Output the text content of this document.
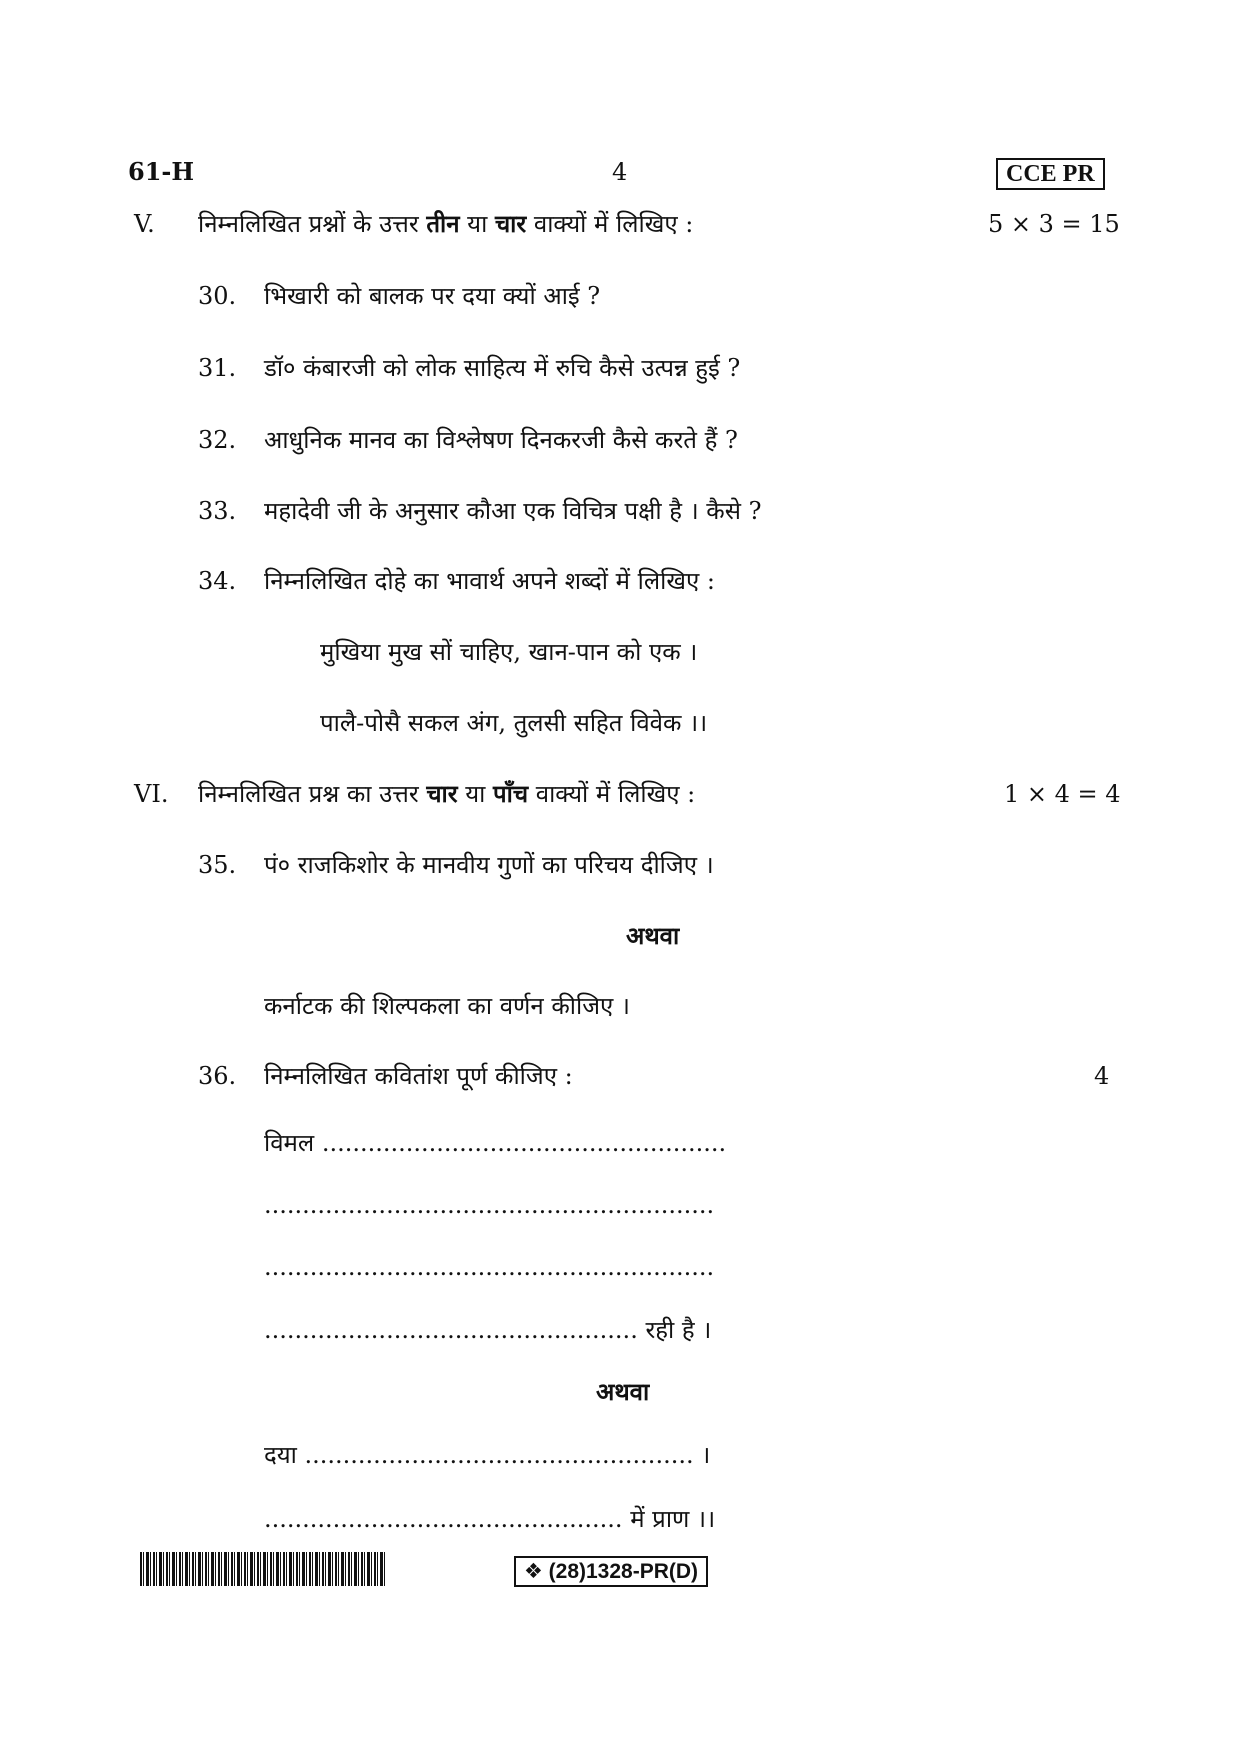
61-H	4	CCE PR
V. निम्नलिखित प्रश्नों के उत्तर तीन या चार वाक्यों में लिखिए :	5 × 3 = 15
30. भिखारी को बालक पर दया क्यों आई ?
31. डॉ० कंबारजी को लोक साहित्य में रुचि कैसे उत्पन्न हुई ?
32. आधुनिक मानव का विश्लेषण दिनकरजी कैसे करते हैं ?
33. महादेवी जी के अनुसार कौआ एक विचित्र पक्षी है । कैसे ?
34. निम्नलिखित दोहे का भावार्थ अपने शब्दों में लिखिए :
मुखिया मुख सों चाहिए, खान-पान को एक ।
पालै-पोसै सकल अंग, तुलसी सहित विवेक ।।
VI. निम्नलिखित प्रश्न का उत्तर चार या पाँच वाक्यों में लिखिए :	1 × 4 = 4
35. पं० राजकिशोर के मानवीय गुणों का परिचय दीजिए ।
अथवा
कर्नाटक की शिल्पकला का वर्णन कीजिए ।
36. निम्नलिखित कवितांश पूर्ण कीजिए :	4
विमल .....................................................
...........................................................
...........................................................
................................................. रही है ।
अथवा
दया ................................................... ।
............................................... में प्राण ।।
❖ (28)1328-PR(D)
